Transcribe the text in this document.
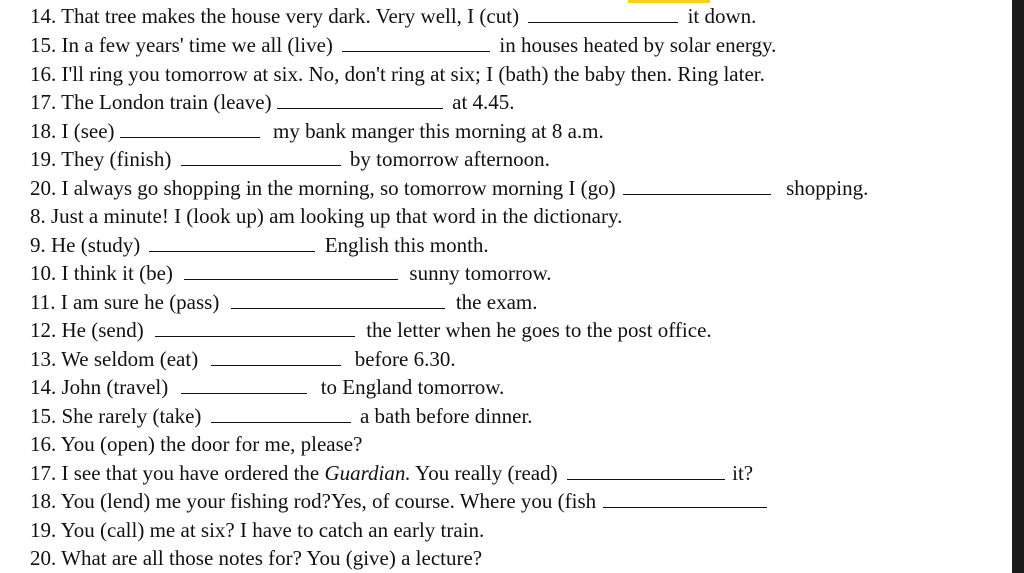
14. That tree makes the house very dark. Very well, I (cut)	it down.
15. In a few years' time we all (live)	in houses heated by solar energy.
16. I'll ring you tomorrow at six. No, don't ring at six; I (bath) the baby then. Ring later.
17. The London train (leave)	at 4.45.
18. I (see)	my bank manger this morning at 8 a.m.
19. They (finish)	by tomorrow afternoon.
20. I always go shopping in the morning, so tomorrow morning I (go)	shopping.
8. Just a minute! I (look up) am looking up that word in the dictionary.
9. He (study)	English this month.
10. I think it (be)	sunny tomorrow.
11. I am sure he (pass)	the exam.
12. He (send)	the letter when he goes to the post office.
13. We seldom (eat)	before 6.30.
14. John (travel)	to England tomorrow.
15. She rarely (take)	a bath before dinner.
16. You (open) the door for me, please?
17. I see that you have ordered the Guardian. You really (read)	it?
18. You (lend) me your fishing rod?Yes, of course. Where you (fish
19. You (call) me at six? I have to catch an early train.
20. What are all those notes for? You (give) a lecture?
